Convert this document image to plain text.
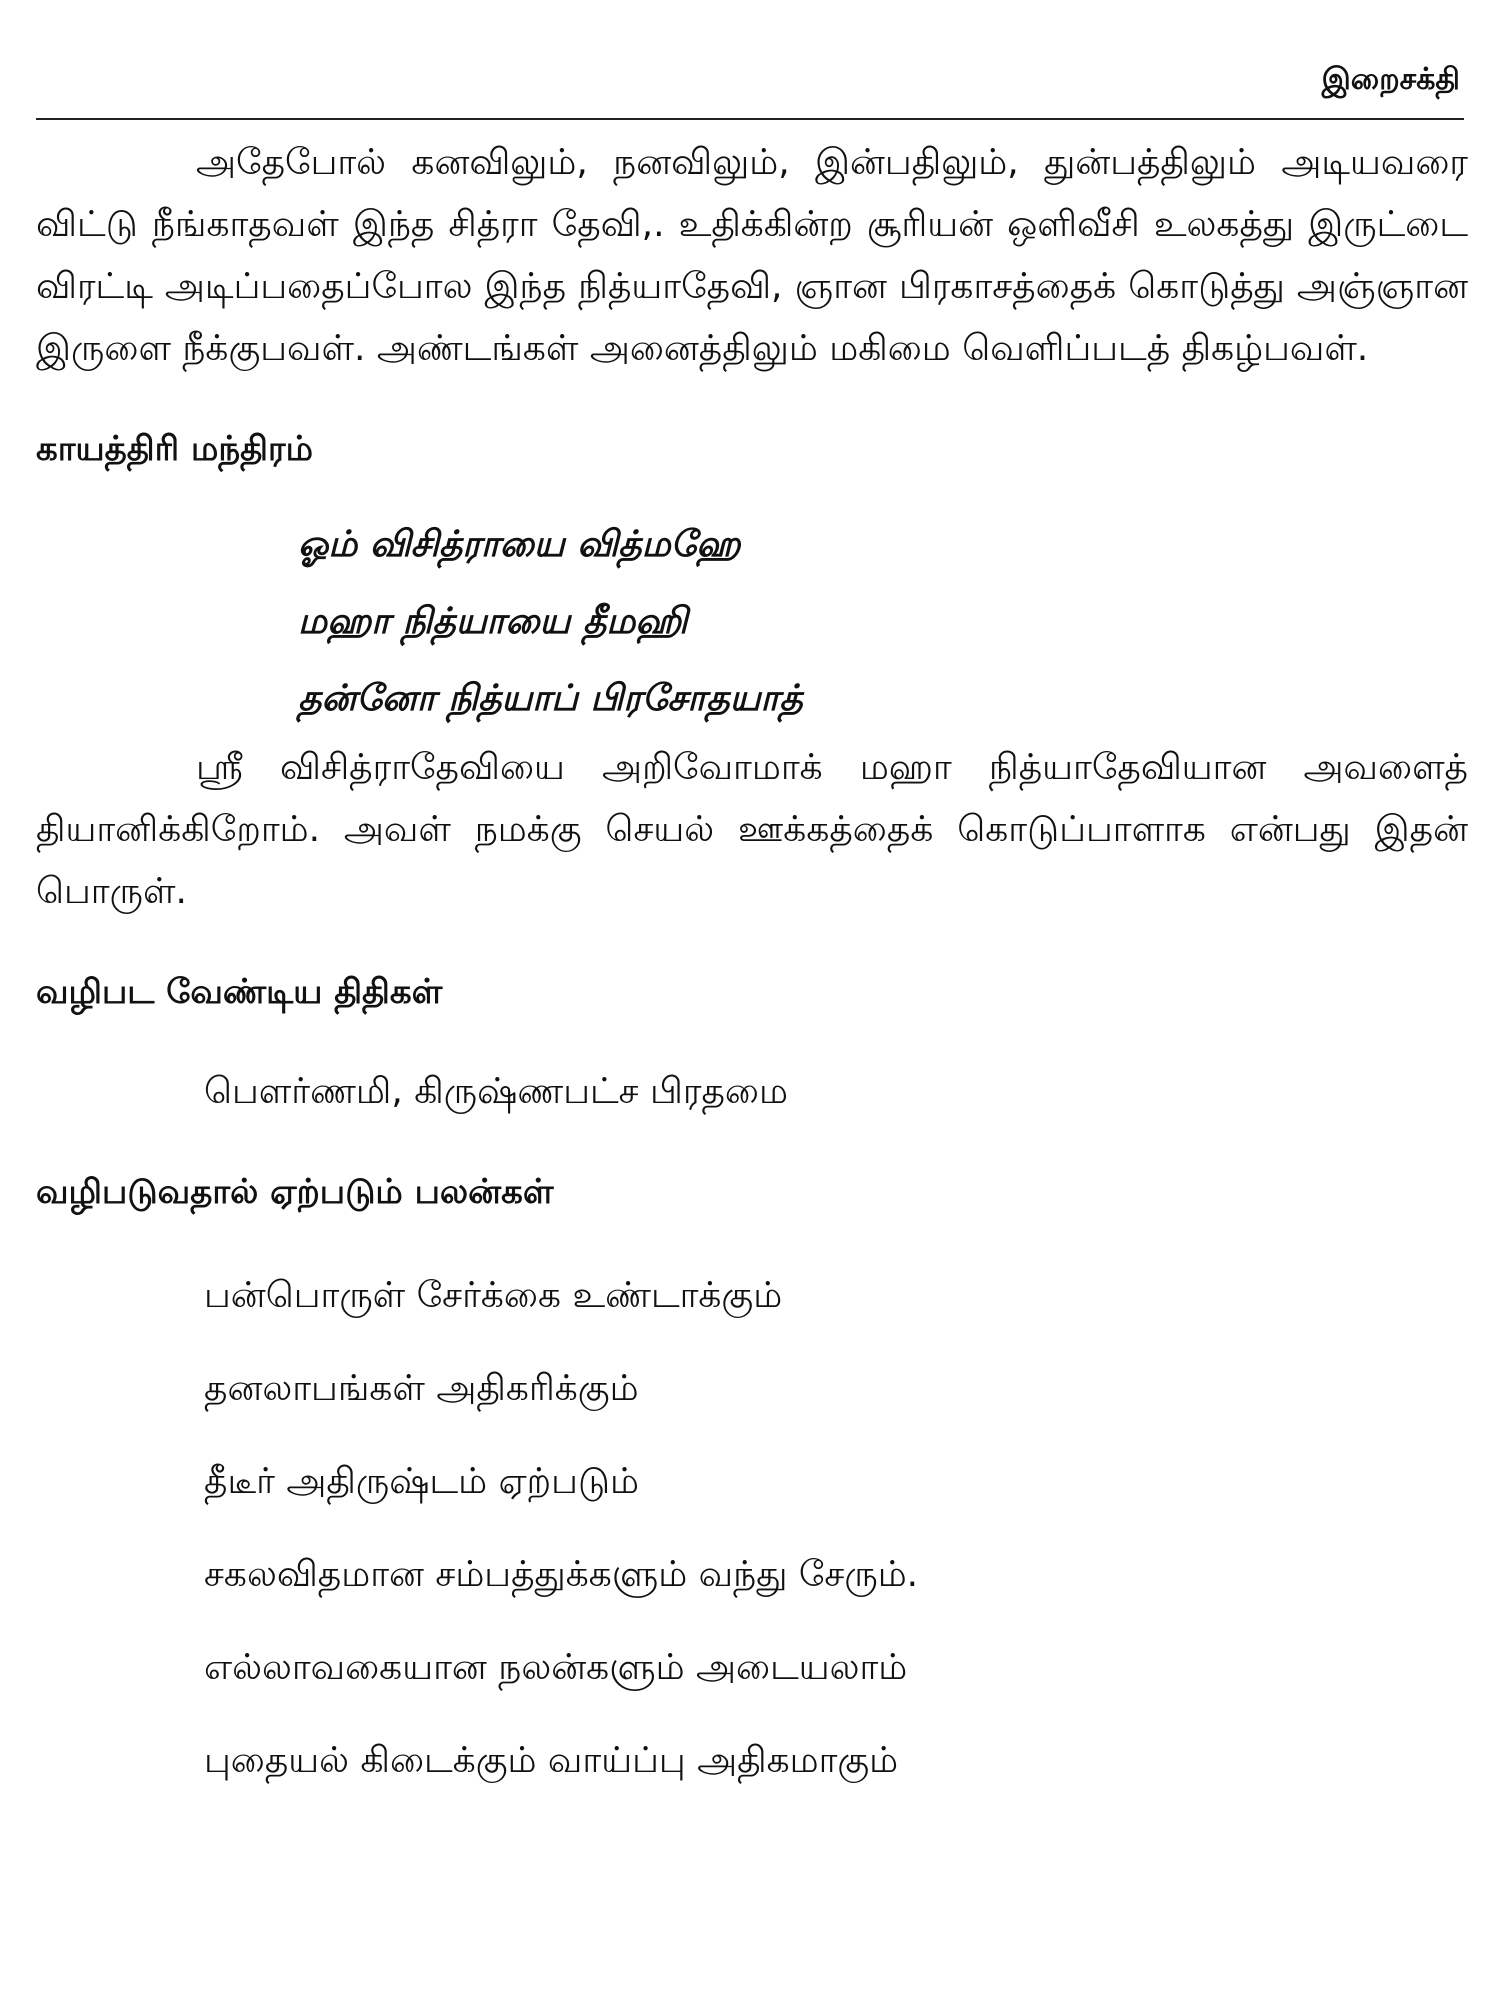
இறைசக்தி

அதேபோல் கனவிலும், நனவிலும், இன்பதிலும், துன்பத்திலும் அடியவரை விட்டு நீங்காதவள் இந்த சித்ரா தேவி,. உதிக்கின்ற சூரியன் ஒளிவீசி உலகத்து இருட்டை விரட்டி அடிப்பதைப்போல இந்த நித்யாதேவி, ஞான பிரகாசத்தைக் கொடுத்து அஞ்ஞான இருளை நீக்குபவள். அண்டங்கள் அனைத்திலும் மகிமை வெளிப்படத் திகழ்பவள்.

காயத்திரி மந்திரம்

ஓம் விசித்ராயை வித்மஹே

மஹா நித்யாயை தீமஹி

தன்னோ நித்யாப் பிரசோதயாத்

ஸ்ரீ விசித்ராதேவியை அறிவோமாக் மஹா நித்யாதேவியான அவளைத் தியானிக்கிறோம். அவள் நமக்கு செயல் ஊக்கத்தைக் கொடுப்பாளாக என்பது இதன் பொருள்.

வழிபட வேண்டிய திதிகள்

பௌர்ணமி, கிருஷ்ணபட்ச பிரதமை

வழிபடுவதால் ஏற்படும் பலன்கள்

பன்பொருள் சேர்க்கை உண்டாக்கும்

தனலாபங்கள் அதிகரிக்கும்

தீடீர் அதிருஷ்டம் ஏற்படும்

சகலவிதமான சம்பத்துக்களும் வந்து சேரும்.

எல்லாவகையான நலன்களும் அடையலாம்

புதையல் கிடைக்கும் வாய்ப்பு அதிகமாகும்
